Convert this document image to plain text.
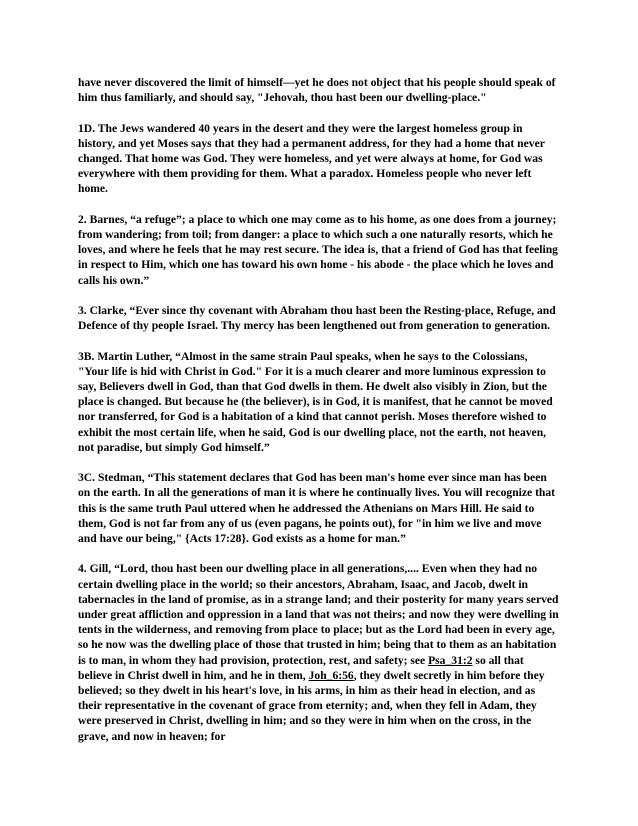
have never discovered the limit of himself—yet he does not object that his people should speak of him thus familiarly, and should say, "Jehovah, thou hast been our dwelling-place."

1D. The Jews wandered 40 years in the desert and they were the largest homeless group in history, and yet Moses says that they had a permanent address, for they had a home that never changed. That home was God. They were homeless, and yet were always at home, for God was everywhere with them providing for them. What a paradox. Homeless people who never left home.

2. Barnes, “a refuge”; a place to which one may come as to his home, as one does from a journey; from wandering; from toil; from danger: a place to which such a one naturally resorts, which he loves, and where he feels that he may rest secure. The idea is, that a friend of God has that feeling in respect to Him, which one has toward his own home - his abode - the place which he loves and calls his own.”

3. Clarke, “Ever since thy covenant with Abraham thou hast been the Resting-place, Refuge, and Defence of thy people Israel. Thy mercy has been lengthened out from generation to generation.

3B. Martin Luther, “Almost in the same strain Paul speaks, when he says to the Colossians, "Your life is hid with Christ in God." For it is a much clearer and more luminous expression to say, Believers dwell in God, than that God dwells in them. He dwelt also visibly in Zion, but the place is changed. But because he (the believer), is in God, it is manifest, that he cannot be moved nor transferred, for God is a habitation of a kind that cannot perish. Moses therefore wished to exhibit the most certain life, when he said, God is our dwelling place, not the earth, not heaven, not paradise, but simply God himself.”

3C. Stedman, “This statement declares that God has been man's home ever since man has been on the earth. In all the generations of man it is where he continually lives. You will recognize that this is the same truth Paul uttered when he addressed the Athenians on Mars Hill. He said to them, God is not far from any of us (even pagans, he points out), for "in him we live and move and have our being," {Acts 17:28}. God exists as a home for man.”

4. Gill, “Lord, thou hast been our dwelling place in all generations,.... Even when they had no certain dwelling place in the world; so their ancestors, Abraham, Isaac, and Jacob, dwelt in tabernacles in the land of promise, as in a strange land; and their posterity for many years served under great affliction and oppression in a land that was not theirs; and now they were dwelling in tents in the wilderness, and removing from place to place; but as the Lord had been in every age, so he now was the dwelling place of those that trusted in him; being that to them as an habitation is to man, in whom they had provision, protection, rest, and safety; see Psa_31:2 so all that believe in Christ dwell in him, and he in them, Joh_6:56, they dwelt secretly in him before they believed; so they dwelt in his heart's love, in his arms, in him as their head in election, and as their representative in the covenant of grace from eternity; and, when they fell in Adam, they were preserved in Christ, dwelling in him; and so they were in him when on the cross, in the grave, and now in heaven; for
